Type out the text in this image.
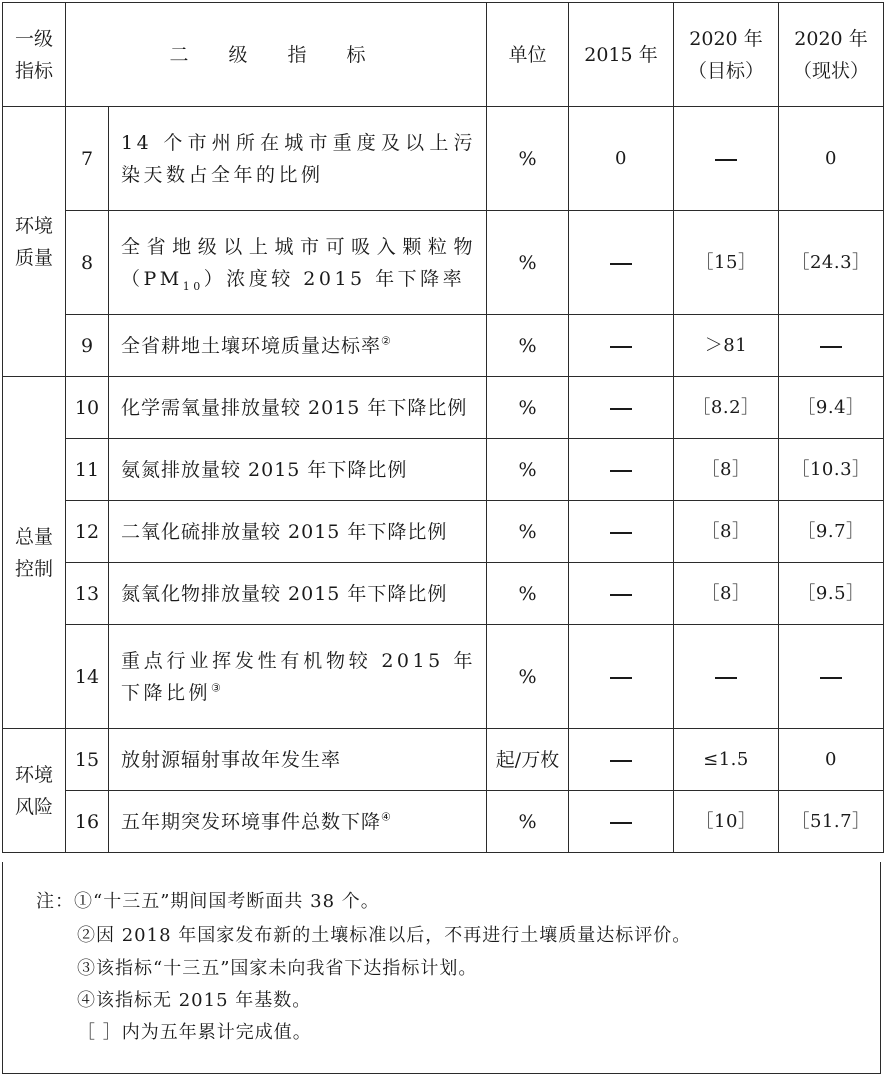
一级指标	二 级 指 标		单位	2015 年	2020 年（目标）	2020 年（现状）
环境质量	7	14 个市州所在城市重度及以上污染天数占全年的比例	%	0		0
	8	全省地级以上城市可吸入颗粒物$(PM_{10})$浓度较 2015 年下降率	%		［15］	［24.3］
	9	全省耕地土壤环境质量达标率②	%		＞81	
总量控制	10	化学需氧量排放量较 2015 年下降比例	%		［8.2］	［9.4］
	11	氨氮排放量较 2015 年下降比例	%		［8］	［10.3］
	12	二氧化硫排放量较 2015 年下降比例	%		［8］	［9.7］
	13	氮氧化物排放量较 2015 年下降比例	%		［8］	［9.5］
	14	重点行业挥发性有机物较 2015 年下降比例③	%			
环境风险	15	放射源辐射事故年发生率	起/万枚		≤1.5	0
	16	五年期突发环境事件总数下降④	%		［10］	［51.7］
注：①“十三五”期间国考断面共 38 个。
②因 2018 年国家发布新的土壤标准以后，不再进行土壤质量达标评价。
③该指标“十三五”国家未向我省下达指标计划。
④该指标无 2015 年基数。
［ ］内为五年累计完成值。
